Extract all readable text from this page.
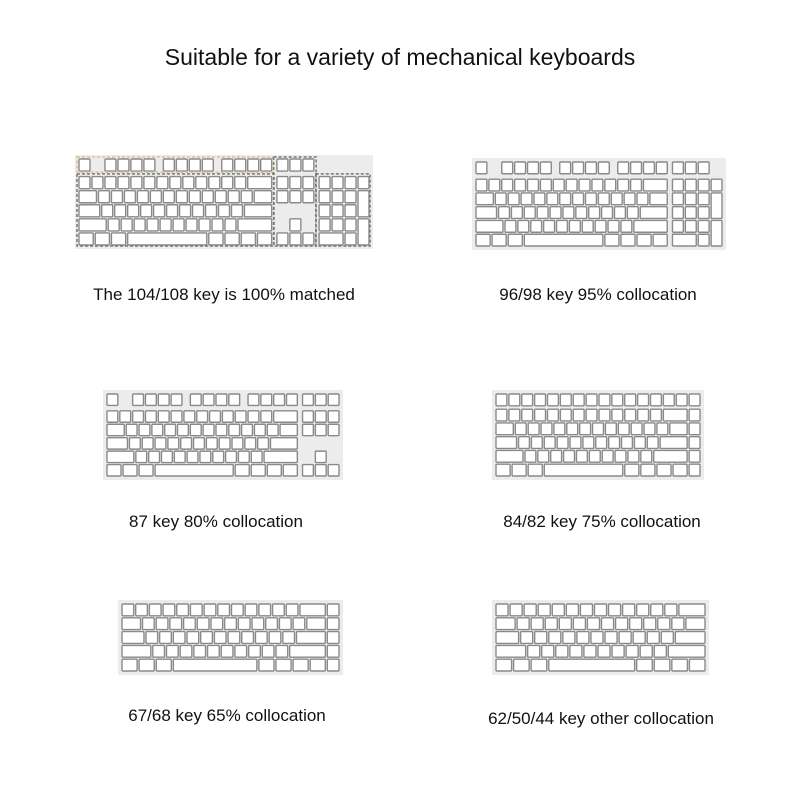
Suitable for a variety of mechanical keyboards
The 104/108 key is 100% matched	96/98 key 95% collocation
87 key 80% collocation	84/82 key 75% collocation
67/68 key 65% collocation	62/50/44 key other collocation
